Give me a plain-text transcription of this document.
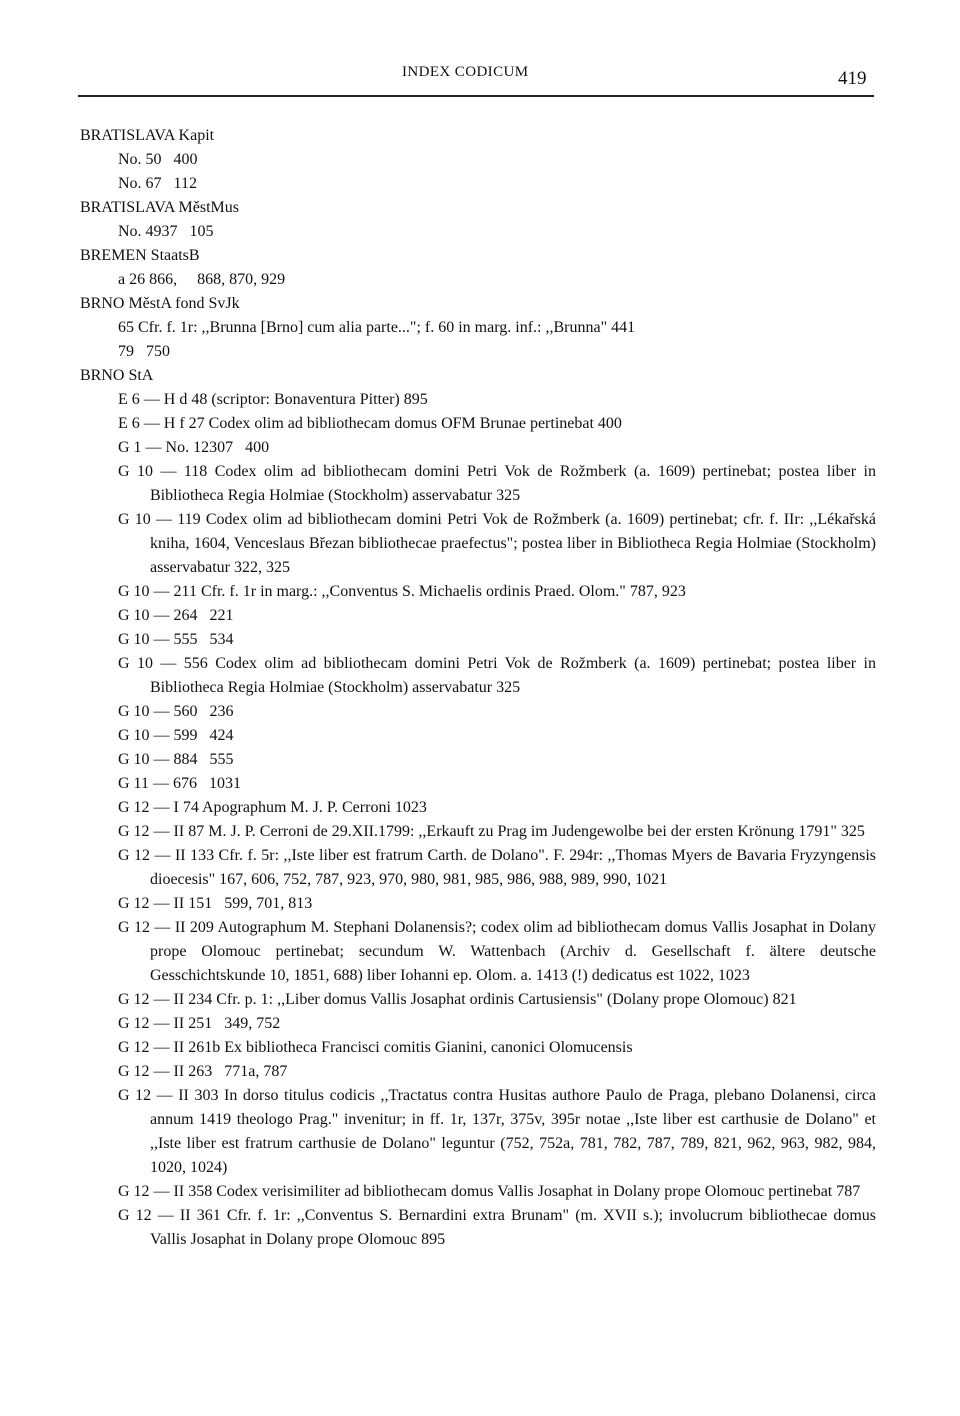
INDEX CODICUM	419

BRATISLAVA Kapit

No. 50   400

No. 67   112

BRATISLAVA MěstMus

No. 4937   105

BREMEN StaatsB

a 26 866,     868, 870, 929

BRNO MěstA fond SvJk

65 Cfr. f. 1r: ,,Brunna [Brno] cum alia parte..."; f. 60 in marg. inf.: ,,Brunna" 441

79   750

BRNO StA

E 6 — H d 48 (scriptor: Bonaventura Pitter) 895

E 6 — H f 27 Codex olim ad bibliothecam domus OFM Brunae pertinebat 400

G 1 — No. 12307   400

G 10 — 118 Codex olim ad bibliothecam domini Petri Vok de Rožmberk (a. 1609) pertinebat; postea liber in Bibliotheca Regia Holmiae (Stockholm) asservabatur 325

G 10 — 119 Codex olim ad bibliothecam domini Petri Vok de Rožmberk (a. 1609) pertinebat; cfr. f. IIr: ,,Lékařská kniha, 1604, Venceslaus Březan bibliothecae praefectus"; postea liber in Bibliotheca Regia Holmiae (Stockholm) asservabatur 322, 325

G 10 — 211 Cfr. f. 1r in marg.: ,,Conventus S. Michaelis ordinis Praed. Olom." 787, 923

G 10 — 264   221

G 10 — 555   534

G 10 — 556 Codex olim ad bibliothecam domini Petri Vok de Rožmberk (a. 1609) pertinebat; postea liber in Bibliotheca Regia Holmiae (Stockholm) asservabatur 325

G 10 — 560   236

G 10 — 599   424

G 10 — 884   555

G 11 — 676   1031

G 12 — I 74 Apographum M. J. P. Cerroni 1023

G 12 — II 87 M. J. P. Cerroni de 29.XII.1799: ,,Erkauft zu Prag im Judengewolbe bei der ersten Krönung 1791" 325

G 12 — II 133 Cfr. f. 5r: ,,Iste liber est fratrum Carth. de Dolano". F. 294r: ,,Thomas Myers de Bavaria Fryzyngensis dioecesis" 167, 606, 752, 787, 923, 970, 980, 981, 985, 986, 988, 989, 990, 1021

G 12 — II 151   599, 701, 813

G 12 — II 209 Autographum M. Stephani Dolanensis?; codex olim ad bibliothecam domus Vallis Josaphat in Dolany prope Olomouc pertinebat; secundum W. Wattenbach (Archiv d. Gesellschaft f. ältere deutsche Gesschichtskunde 10, 1851, 688) liber Iohanni ep. Olom. a. 1413 (!) dedicatus est 1022, 1023

G 12 — II 234 Cfr. p. 1: ,,Liber domus Vallis Josaphat ordinis Cartusiensis" (Dolany prope Olomouc) 821

G 12 — II 251   349, 752

G 12 — II 261b Ex bibliotheca Francisci comitis Gianini, canonici Olomucensis

G 12 — II 263   771a, 787

G 12 — II 303 In dorso titulus codicis ,,Tractatus contra Husitas authore Paulo de Praga, plebano Dolanensi, circa annum 1419 theologo Prag." invenitur; in ff. 1r, 137r, 375v, 395r notae ,,Iste liber est carthusie de Dolano" et ,,Iste liber est fratrum carthusie de Dolano" leguntur (752, 752a, 781, 782, 787, 789, 821, 962, 963, 982, 984, 1020, 1024)

G 12 — II 358 Codex verisimiliter ad bibliothecam domus Vallis Josaphat in Dolany prope Olomouc pertinebat 787

G 12 — II 361 Cfr. f. 1r: ,,Conventus S. Bernardini extra Brunam" (m. XVII s.); involucrum bibliothecae domus Vallis Josaphat in Dolany prope Olomouc 895
